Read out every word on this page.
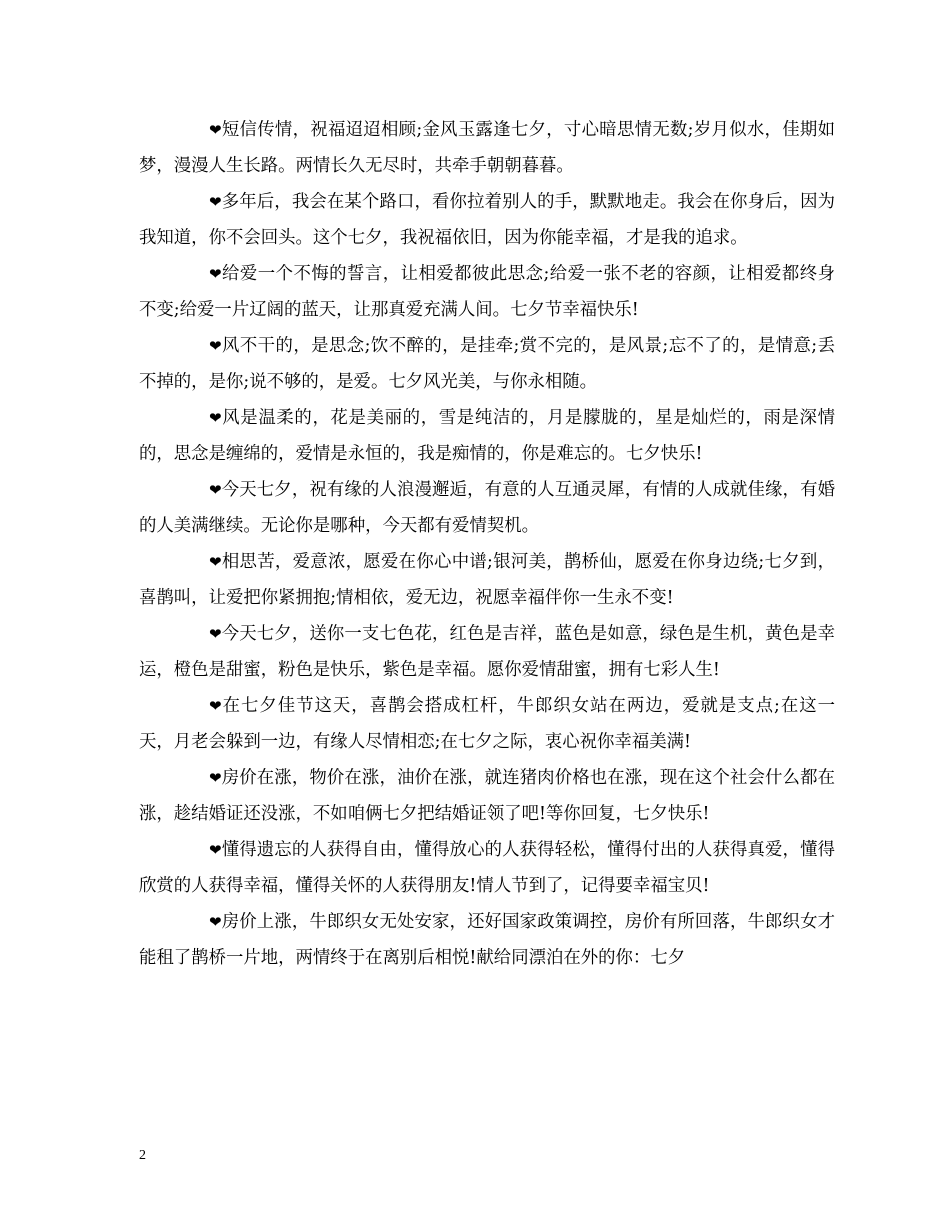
❤短信传情，祝福迢迢相顾;金风玉露逢七夕，寸心暗思情无数;岁月似水，佳期如梦，漫漫人生长路。两情长久无尽时，共牵手朝朝暮暮。

❤多年后，我会在某个路口，看你拉着别人的手，默默地走。我会在你身后，因为我知道，你不会回头。这个七夕，我祝福依旧，因为你能幸福，才是我的追求。

❤给爱一个不悔的誓言，让相爱都彼此思念;给爱一张不老的容颜，让相爱都终身不变;给爱一片辽阔的蓝天，让那真爱充满人间。七夕节幸福快乐!

❤风不干的，是思念;饮不醉的，是挂牵;赏不完的，是风景;忘不了的，是情意;丢不掉的，是你;说不够的，是爱。七夕风光美，与你永相随。

❤风是温柔的，花是美丽的，雪是纯洁的，月是朦胧的，星是灿烂的，雨是深情的，思念是缠绵的，爱情是永恒的，我是痴情的，你是难忘的。七夕快乐!

❤今天七夕，祝有缘的人浪漫邂逅，有意的人互通灵犀，有情的人成就佳缘，有婚的人美满继续。无论你是哪种，今天都有爱情契机。

❤相思苦，爱意浓，愿爱在你心中谱;银河美，鹊桥仙，愿爱在你身边绕;七夕到，喜鹊叫，让爱把你紧拥抱;情相依，爱无边，祝愿幸福伴你一生永不变!

❤今天七夕，送你一支七色花，红色是吉祥，蓝色是如意，绿色是生机，黄色是幸运，橙色是甜蜜，粉色是快乐，紫色是幸福。愿你爱情甜蜜，拥有七彩人生!

❤在七夕佳节这天，喜鹊会搭成杠杆，牛郎织女站在两边，爱就是支点;在这一天，月老会躲到一边，有缘人尽情相恋;在七夕之际，衷心祝你幸福美满!

❤房价在涨，物价在涨，油价在涨，就连猪肉价格也在涨，现在这个社会什么都在涨，趁结婚证还没涨，不如咱俩七夕把结婚证领了吧!等你回复，七夕快乐!

❤懂得遗忘的人获得自由，懂得放心的人获得轻松，懂得付出的人获得真爱，懂得欣赏的人获得幸福，懂得关怀的人获得朋友!情人节到了，记得要幸福宝贝!

❤房价上涨，牛郎织女无处安家，还好国家政策调控，房价有所回落，牛郎织女才能租了鹊桥一片地，两情终于在离别后相悦!献给同漂泊在外的你：七夕

2
